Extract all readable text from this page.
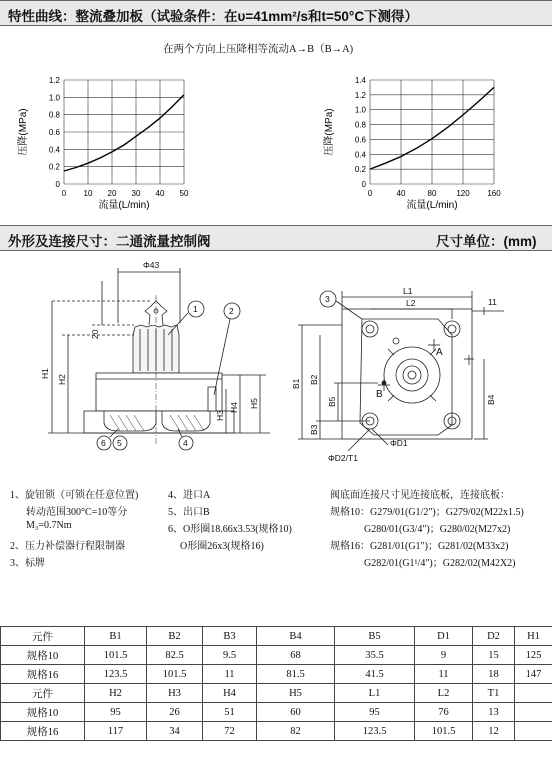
特性曲线：整流叠加板（试验条件：在υ=41mm²/s和t=50°C下测得）
在两个方向上压降相等流动A→B（B→A)
0 10 20 30 40 50
0
0.2
0.4
0.6
0.8
1.0
1.2
流量(L/min)
压降(MPa)
0	40	80 120 160
0
0.2
0.4
0.6
0.8
1.0
1.2
1.4
流量(L/min)
压降(MPa)
外形及连接尺寸：二通流量控制阀	尺寸单位：(mm)
Φ43
20
H1
H2
H3
H4 H5
1	2
6 5	4
L1
L2	11
B1 B2
B5
B3
B4
ΦD1
ΦD2/T1
A
B
3
1、旋钮锁（可锁在任意位置)
转动范围300°C=10等分
M₃=0.7Nm
2、压力补偿器行程限制器
3、标牌
4、进口A
5、出口B
6、O形圈18.66x3.53(规格10)
O形圈26x3(规格16)
阀底面连接尺寸见连接底板，连接底板：
规格10：G279/01(G1/2")；G279/02(M22x1.5)
G280/01(G3/4")；G280/02(M27x2)
规格16：G281/01(G1")；G281/02(M33x2)
G282/01(G1¹/4")；G282/02(M42X2)
元件	B1	B2	B3	B4	B5	D1	D2	H1
规格10	101.5	82.5	9.5	68	35.5	9	15	125
规格16	123.5	101.5	11	81.5	41.5	11	18	147
元件	H2	H3	H4	H5	L1	L2	T1	
规格10	95	26	51	60	95	76	13	
规格16	117	34	72	82	123.5	101.5	12	
